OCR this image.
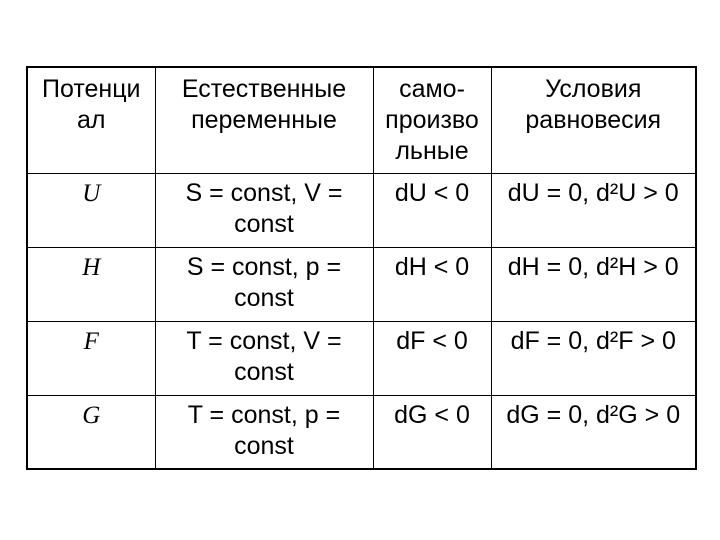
Потенци ал	Естественные переменные	само- произво льные	Условия равновесия
U	S = const, V = const	dU < 0	dU = 0, d²U > 0
H	S = const, p = const	dH < 0	dH = 0, d²H > 0
F	T = const, V = const	dF < 0	dF = 0, d²F > 0
G	T = const, p = const	dG < 0	dG = 0, d²G > 0
